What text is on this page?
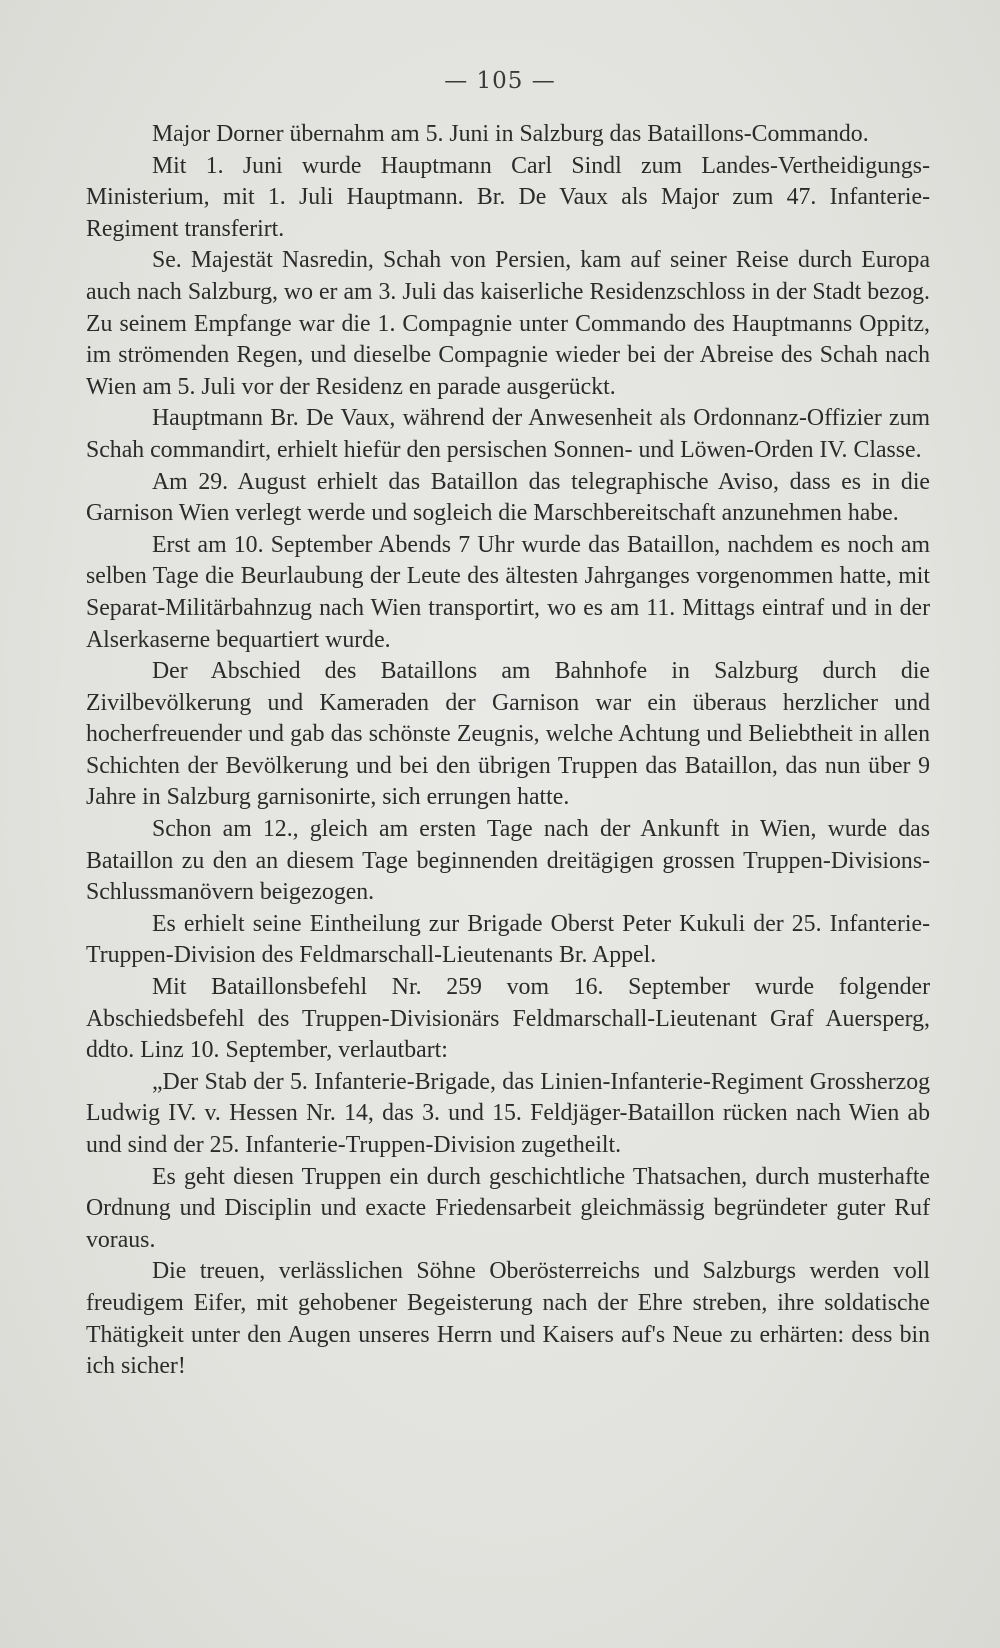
— 105 —

Major Dorner übernahm am 5. Juni in Salzburg das Bataillons-Commando.

Mit 1. Juni wurde Hauptmann Carl Sindl zum Landes-Vertheidigungs-Ministerium, mit 1. Juli Hauptmann. Br. De Vaux als Major zum 47. Infanterie-Regiment transferirt.

Se. Majestät Nasredin, Schah von Persien, kam auf seiner Reise durch Europa auch nach Salzburg, wo er am 3. Juli das kaiserliche Residenzschloss in der Stadt bezog. Zu seinem Empfange war die 1. Compagnie unter Commando des Hauptmanns Oppitz, im strömenden Regen, und dieselbe Compagnie wieder bei der Abreise des Schah nach Wien am 5. Juli vor der Residenz en parade ausgerückt.

Hauptmann Br. De Vaux, während der Anwesenheit als Ordonnanz-Offizier zum Schah commandirt, erhielt hiefür den persischen Sonnen- und Löwen-Orden IV. Classe.

Am 29. August erhielt das Bataillon das telegraphische Aviso, dass es in die Garnison Wien verlegt werde und sogleich die Marschbereitschaft anzunehmen habe.

Erst am 10. September Abends 7 Uhr wurde das Bataillon, nachdem es noch am selben Tage die Beurlaubung der Leute des ältesten Jahrganges vorgenommen hatte, mit Separat-Militärbahnzug nach Wien transportirt, wo es am 11. Mittags eintraf und in der Alserkaserne bequartiert wurde.

Der Abschied des Bataillons am Bahnhofe in Salzburg durch die Zivilbevölkerung und Kameraden der Garnison war ein überaus herzlicher und hocherfreuender und gab das schönste Zeugnis, welche Achtung und Beliebtheit in allen Schichten der Bevölkerung und bei den übrigen Truppen das Bataillon, das nun über 9 Jahre in Salzburg garnisonirte, sich errungen hatte.

Schon am 12., gleich am ersten Tage nach der Ankunft in Wien, wurde das Bataillon zu den an diesem Tage beginnenden dreitägigen grossen Truppen-Divisions-Schlussmanövern beigezogen.

Es erhielt seine Eintheilung zur Brigade Oberst Peter Kukuli der 25. Infanterie-Truppen-Division des Feldmarschall-Lieutenants Br. Appel.

Mit Bataillonsbefehl Nr. 259 vom 16. September wurde folgender Abschiedsbefehl des Truppen-Divisionärs Feldmarschall-Lieutenant Graf Auersperg, ddto. Linz 10. September, verlautbart:

„Der Stab der 5. Infanterie-Brigade, das Linien-Infanterie-Regiment Grossherzog Ludwig IV. v. Hessen Nr. 14, das 3. und 15. Feldjäger-Bataillon rücken nach Wien ab und sind der 25. Infanterie-Truppen-Division zugetheilt.

Es geht diesen Truppen ein durch geschichtliche Thatsachen, durch musterhafte Ordnung und Disciplin und exacte Friedensarbeit gleichmässig begründeter guter Ruf voraus.

Die treuen, verlässlichen Söhne Oberösterreichs und Salzburgs werden voll freudigem Eifer, mit gehobener Begeisterung nach der Ehre streben, ihre soldatische Thätigkeit unter den Augen unseres Herrn und Kaisers auf's Neue zu erhärten: dess bin ich sicher!
